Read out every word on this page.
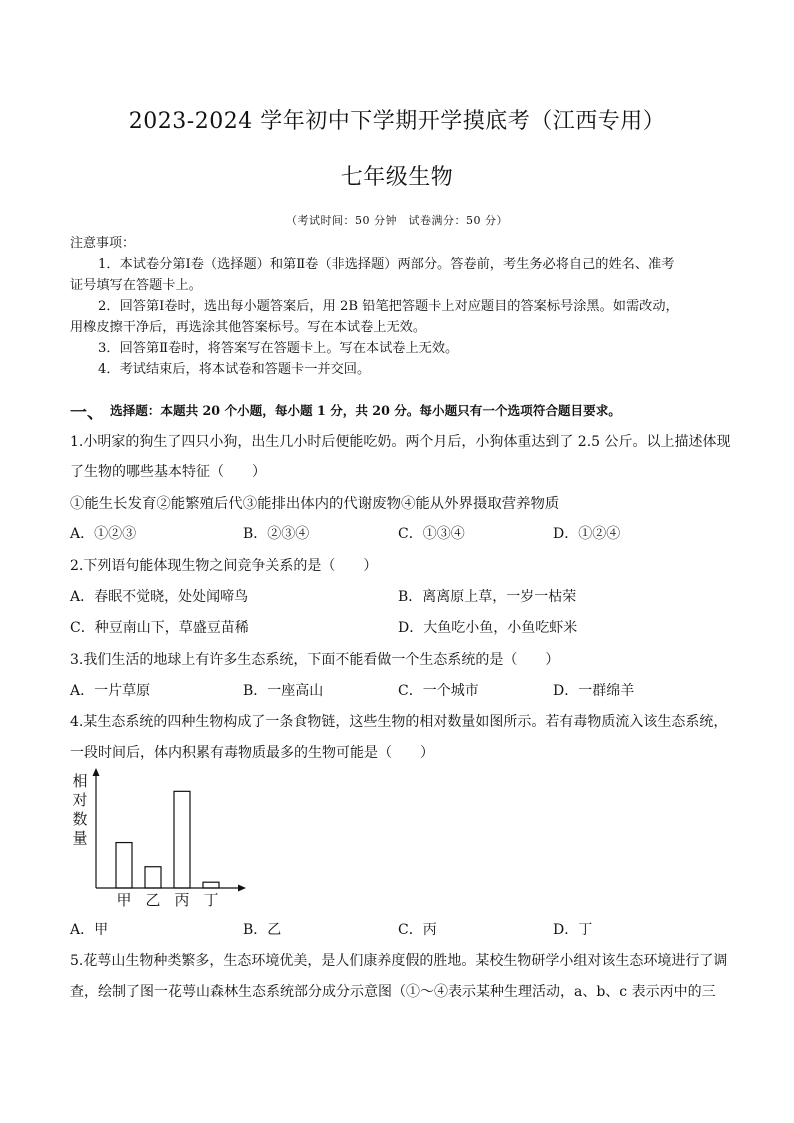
2023-2024 学年初中下学期开学摸底考（江西专用）
七年级生物
（考试时间：50 分钟　试卷满分：50 分）
注意事项：
1．本试卷分第Ⅰ卷（选择题）和第Ⅱ卷（非选择题）两部分。答卷前，考生务必将自己的姓名、准考
证号填写在答题卡上。
2．回答第Ⅰ卷时，选出每小题答案后，用 2B 铅笔把答题卡上对应题目的答案标号涂黑。如需改动，
用橡皮擦干净后，再选涂其他答案标号。写在本试卷上无效。
3．回答第Ⅱ卷时，将答案写在答题卡上。写在本试卷上无效。
4．考试结束后，将本试卷和答题卡一并交回。
一、 选择题：本题共 20 个小题，每小题 1 分，共 20 分。每小题只有一个选项符合题目要求。
1.小明家的狗生了四只小狗，出生几小时后便能吃奶。两个月后，小狗体重达到了 2.5 公斤。以上描述体现
了生物的哪些基本特征（　　）
①能生长发育②能繁殖后代③能排出体内的代谢废物④能从外界摄取营养物质
A．①②③	B．②③④	C．①③④	D．①②④
2.下列语句能体现生物之间竞争关系的是（　　）
A．春眠不觉晓，处处闻啼鸟	B．离离原上草，一岁一枯荣
C．种豆南山下，草盛豆苗稀	D．大鱼吃小鱼，小鱼吃虾米
3.我们生活的地球上有许多生态系统，下面不能看做一个生态系统的是（　　）
A．一片草原	B．一座高山	C．一个城市	D．一群绵羊
4.某生态系统的四种生物构成了一条食物链，这些生物的相对数量如图所示。若有毒物质流入该生态系统，
一段时间后，体内积累有毒物质最多的生物可能是（　　）
相
对
数
量
甲 乙 丙 丁
A．甲	B．乙	C．丙	D．丁
5.花萼山生物种类繁多，生态环境优美，是人们康养度假的胜地。某校生物研学小组对该生态环境进行了调
查，绘制了图一花萼山森林生态系统部分成分示意图（①～④表示某种生理活动，a、b、c 表示丙中的三
